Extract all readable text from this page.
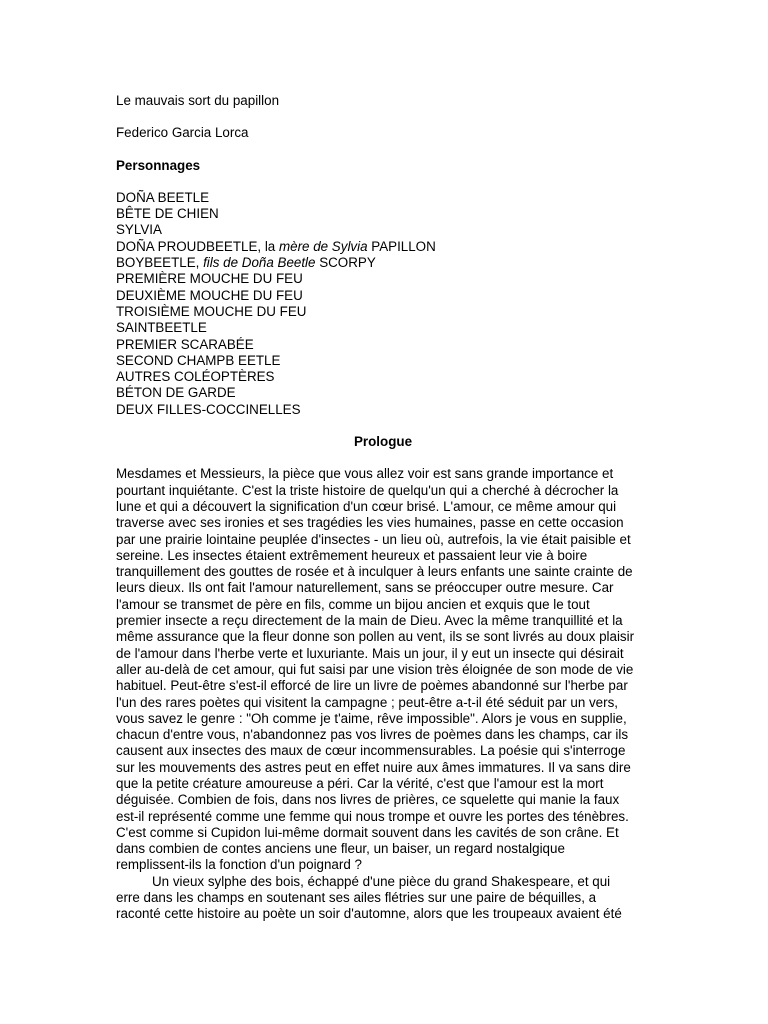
Le mauvais sort du papillon
Federico Garcia Lorca
Personnages
DOÑA BEETLE
BÊTE DE CHIEN
SYLVIA
DOÑA PROUDBEETLE, la mère de Sylvia PAPILLON
BOYBEETLE, fils de Doña Beetle SCORPY
PREMIÈRE MOUCHE DU FEU
DEUXIÈME MOUCHE DU FEU
TROISIÈME MOUCHE DU FEU
SAINTBEETLE
PREMIER SCARABÉE
SECOND CHAMPB EETLE
AUTRES COLÉOPTÈRES
BÉTON DE GARDE
DEUX FILLES-COCCINELLES
Prologue
Mesdames et Messieurs, la pièce que vous allez voir est sans grande importance et
pourtant inquiétante. C'est la triste histoire de quelqu'un qui a cherché à décrocher la
lune et qui a découvert la signification d'un cœur brisé. L'amour, ce même amour qui
traverse avec ses ironies et ses tragédies les vies humaines, passe en cette occasion
par une prairie lointaine peuplée d'insectes - un lieu où, autrefois, la vie était paisible et
sereine. Les insectes étaient extrêmement heureux et passaient leur vie à boire
tranquillement des gouttes de rosée et à inculquer à leurs enfants une sainte crainte de
leurs dieux. Ils ont fait l'amour naturellement, sans se préoccuper outre mesure. Car
l'amour se transmet de père en fils, comme un bijou ancien et exquis que le tout
premier insecte a reçu directement de la main de Dieu. Avec la même tranquillité et la
même assurance que la fleur donne son pollen au vent, ils se sont livrés au doux plaisir
de l'amour dans l'herbe verte et luxuriante. Mais un jour, il y eut un insecte qui désirait
aller au-delà de cet amour, qui fut saisi par une vision très éloignée de son mode de vie
habituel. Peut-être s'est-il efforcé de lire un livre de poèmes abandonné sur l'herbe par
l'un des rares poètes qui visitent la campagne ; peut-être a-t-il été séduit par un vers,
vous savez le genre : "Oh comme je t'aime, rêve impossible". Alors je vous en supplie,
chacun d'entre vous, n'abandonnez pas vos livres de poèmes dans les champs, car ils
causent aux insectes des maux de cœur incommensurables. La poésie qui s'interroge
sur les mouvements des astres peut en effet nuire aux âmes immatures. Il va sans dire
que la petite créature amoureuse a péri. Car la vérité, c'est que l'amour est la mort
déguisée. Combien de fois, dans nos livres de prières, ce squelette qui manie la faux
est-il représenté comme une femme qui nous trompe et ouvre les portes des ténèbres.
C'est comme si Cupidon lui-même dormait souvent dans les cavités de son crâne. Et
dans combien de contes anciens une fleur, un baiser, un regard nostalgique
remplissent-ils la fonction d'un poignard ?
Un vieux sylphe des bois, échappé d'une pièce du grand Shakespeare, et qui
erre dans les champs en soutenant ses ailes flétries sur une paire de béquilles, a
raconté cette histoire au poète un soir d'automne, alors que les troupeaux avaient été
